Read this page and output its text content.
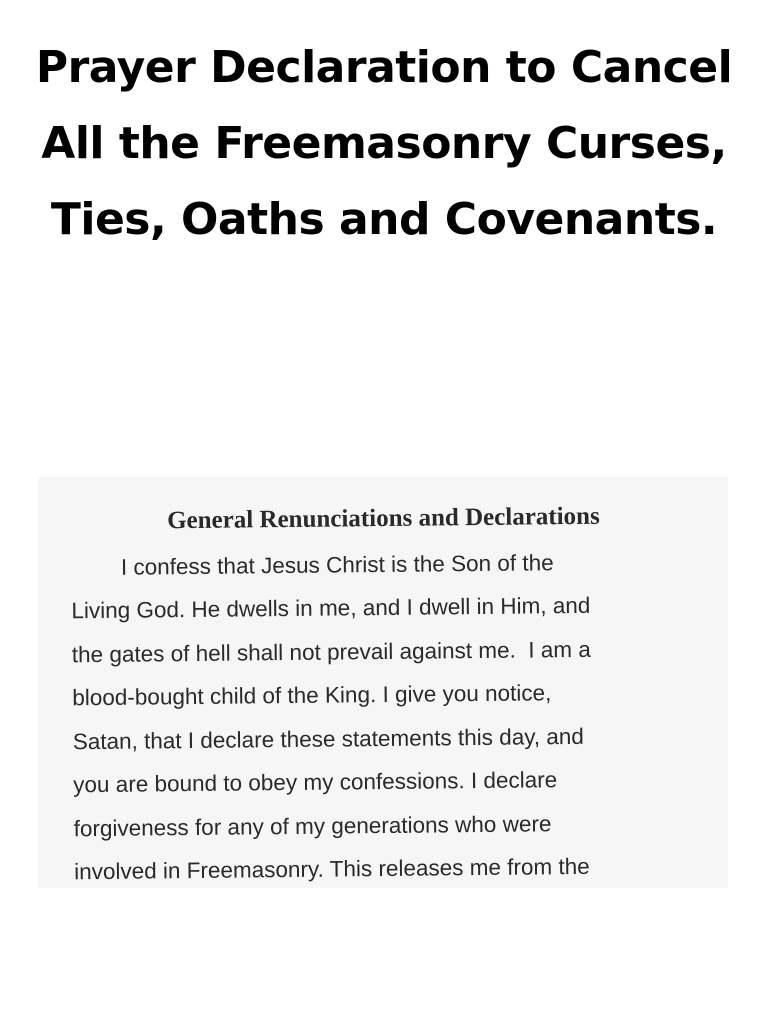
Prayer Declaration to Cancel
All the Freemasonry Curses,
Ties, Oaths and Covenants.
General Renunciations and Declarations

I confess that Jesus Christ is the Son of the

Living God. He dwells in me, and I dwell in Him, and

the gates of hell shall not prevail against me.  I am a

blood-bought child of the King. I give you notice,

Satan, that I declare these statements this day, and

you are bound to obey my confessions. I declare

forgiveness for any of my generations who were

involved in Freemasonry. This releases me from the
